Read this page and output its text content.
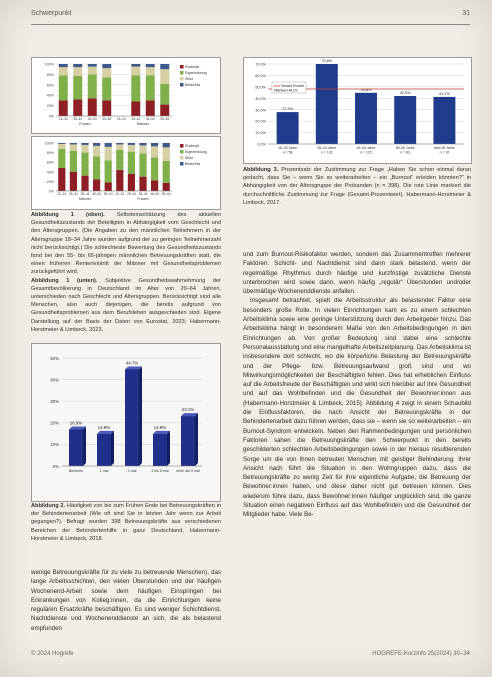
Schwerpunkt	31
100%
80%
60%
40%
20%
0%
18–34 35–44 45–54 55–65 18–34 35–44 45–54 55–65
Frauen	Männer
Rückhalt
Eigenleistung
Stütz
Bedürfnis
100%
80%
60%
40%
20%
0%
20–24 25–34 35–44 45–54 55–64 20–24 25–34 35–44 45–54 55–64
Männer	Frauen
Rückhalt
Eigenleistung
Stütz
Bedürfnis
Abbildung 1 (oben). Selbsteinschätzung des aktuellen Gesundheitszustands der Beteiligten in Abhängigkeit vom Geschlecht und den Altersgruppen. (Die Angaben zu den männlichen Teilnehmern in der Altersgruppe 18–34 Jahre wurden aufgrund der zu geringen Teilnehmerzahl nicht berücksichtigt.) Die schlechteste Bewertung des Gesundheitszustands fand bei den 55- bis 65-jährigen männlichen Betreuungskräften statt, die einen früheren Renteneintritt der Männer mit Gesundheitsproblemen zurückgeführt wird.
Abbildung 1 (unten). Subjektive Gesundheitswahrnehmung der Gesamtbevölkerung in Deutschland im Alter von 20–64 Jahren, unterschieden nach Geschlecht und Altersgruppen. Berücksichtigt sind alle Menschen, also auch diejenigen, die bereits aufgrund von Gesundheitsproblemen aus dem Berufsleben ausgeschieden sind. Eigene Darstellung auf der Basis der Daten von Eurostat, 2023; Habermann-Horstmeier & Limbeck, 2023.
50%
40%
30%
20%
10%
0%
16.9%
Bereiche
14.9%
1 mal
44.7%
2 mal
14.9%
3 bis 5 mal
23.1%
mehr als 5 mal
Abbildung 2. Häufigkeit von bis zum Frühen Ende bei Betreuungskräften in der Behindertenarbeit (Wie oft sind Sie in letzten Jahr wenn zur Arbeit gegangen?). Befragt wurden 398 Betreuungskräfte aus verschiedenen Bereichen der Behindertenhilfe in ganz Deutschland, Habermann-Horstmeier & Limbeck, 2018.

wenige Betreuungskräfte für zu viele zu betreuende Menschen), das lange Arbeitsschichten, den vielen Überstunden und der häufigen Wochenend-Arbeit sowie dem häufigen Einspringen bei Erkrankungen von Kolleg:innen, da die Einrichtungen keine regulären Ersatzkräfte beschäftigen. Es sind weniger Schichtdienst, Nachtdienste und Wochenenddienste an sich, die als belastend empfunden

70.0%
60.0%
50.0%
40.0%
30.0%
20.0%
10.0%
0.0%
27.9%
18–34 Jahre
n = 58
73.8%
35–44 Jahre
n = 132
44.8%
45–54 Jahre
n = 125
42.0%
55–65 Jahre
n = 83
41.2%
über 65 Jahre
n = 10
Gesamt Prozent
Mittelwert 48,1%
Abbildung 3. Prozentsatz der Zustimmung zur Frage „Haben Sie schon einmal daran gedacht, dass Sie – wenn Sie so weiterarbeiten – ein „Burnout“ erleiden könnten?“ in Abhängigkeit von der Altersgruppe der Probanden (n = 398). Die rote Linie markiert die durchschnittliche Zustimmung zur Frage (Gesamt-Prozentwert). Habermann-Horstmeier & Limbeck, 2017.

und zum Burnout-Risikofaktor werden, sondern das Zusammentreffen mehrerer Faktoren. Schicht- und Nachtdienst sind dann stark belastend, wenn der regelmäßige Rhythmus durch häufige und kurzfristige zusätzliche Dienste unterbrochen wird sowie dann, wenn häufig „regulär“ Überstunden und/oder übermäßige Wochenenddienste anfallen.

Insgesamt betrachtet, spielt die Arbeitsstruktur als belastender Faktor eine besonders große Rolle. In vielen Einrichtungen kam es zu einem schlechten Arbeitsklima sowie eine geringe Unterstützung durch den Arbeitgeber hinzu. Das Arbeitsklima hängt in besonderem Maße von den Arbeitsbedingungen in den Einrichtungen ab. Von großer Bedeutung sind dabei eine schlechte Personalausstattung und eine mangelhafte Arbeitszeitplanung. Das Arbeitsklima ist insbesondere dort schlecht, wo die körperliche Belastung der Betreuungskräfte und der Pflege- bzw. Betreuungsaufwand groß sind und wo Mitwirkungsmöglichkeiten der Beschäftigten fehlen. Dies hat erheblichen Einfluss auf die Arbeitsfreude der Beschäftigten und wirkt sich hierüber auf ihre Gesundheit und auf das Wohlbefinden und die Gesundheit der Bewohner:innen aus (Habermann-Horstmeier & Limbeck, 2015). Abbildung 4 zeigt in einem Schaubild die Einflussfaktoren, die nach Ansicht der Betreuungskräfte in der Behindertenarbeit dazu führen werden, dass sie – wenn sie so weiterarbeiten – ein Burnout-Syndrom entwickeln. Neben den Rahmenbedingungen und persönlichen Faktoren sahen die Betreuungskräfte den Schwerpunkt in den bereits geschilderten schlechten Arbeitsbedingungen sowie in der hieraus resultierenden Sorge um die von ihnen betreuten Menschen mit geistiger Behinderung. Ihrer Ansicht nach führt die Situation in den Wohngruppen dazu, dass die Betreuungskräfte zu wenig Zeit für ihre eigentliche Aufgabe, die Betreuung der Bewohner:innen haben, und diese daher nicht gut betreuen können. Dies wiederum führe dazu, dass Bewohner:innen häufiger unglücklich sind, die ganze Situation einen negativen Einfluss auf das Wohlbefinden und die Gesundheit der Mitglieder habe. Viele Be-

© 2024 Hogrefe	HOGREFE-Kurzinfo 25(2024) 30–34
